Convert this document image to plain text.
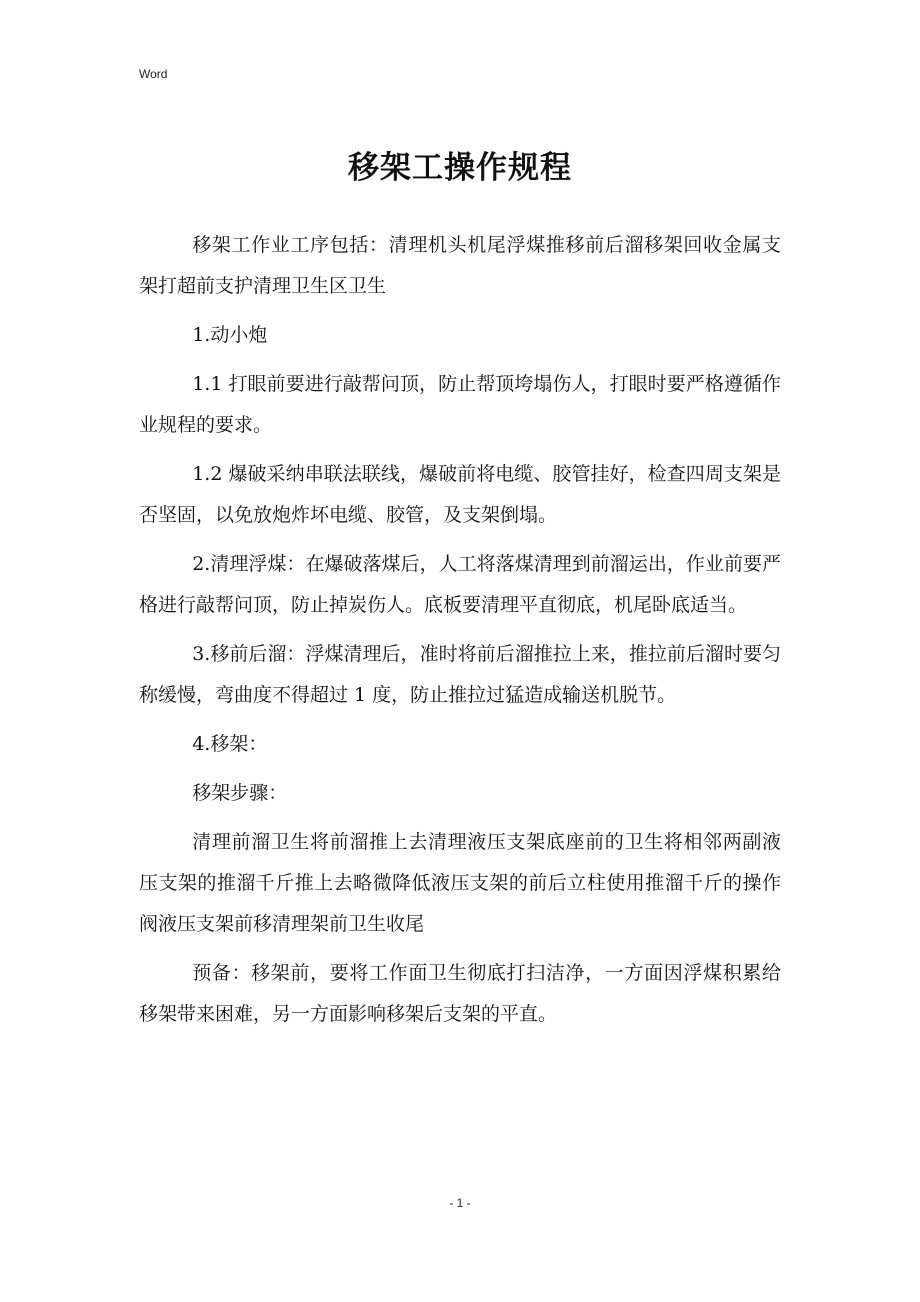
Word
移架工操作规程

移架工作业工序包括：清理机头机尾浮煤推移前后溜移架回收金属支架打超前支护清理卫生区卫生

1.动小炮

1.1 打眼前要进行敲帮问顶，防止帮顶垮塌伤人，打眼时要严格遵循作业规程的要求。

1.2 爆破采纳串联法联线，爆破前将电缆、胶管挂好，检查四周支架是否坚固，以免放炮炸坏电缆、胶管，及支架倒塌。

2.清理浮煤：在爆破落煤后，人工将落煤清理到前溜运出，作业前要严格进行敲帮问顶，防止掉炭伤人。底板要清理平直彻底，机尾卧底适当。

3.移前后溜：浮煤清理后，准时将前后溜推拉上来，推拉前后溜时要匀称缓慢，弯曲度不得超过 1 度，防止推拉过猛造成输送机脱节。

4.移架：

移架步骤：

清理前溜卫生将前溜推上去清理液压支架底座前的卫生将相邻两副液压支架的推溜千斤推上去略微降低液压支架的前后立柱使用推溜千斤的操作阀液压支架前移清理架前卫生收尾

预备：移架前，要将工作面卫生彻底打扫洁净，一方面因浮煤积累给移架带来困难，另一方面影响移架后支架的平直。

- 1 -
